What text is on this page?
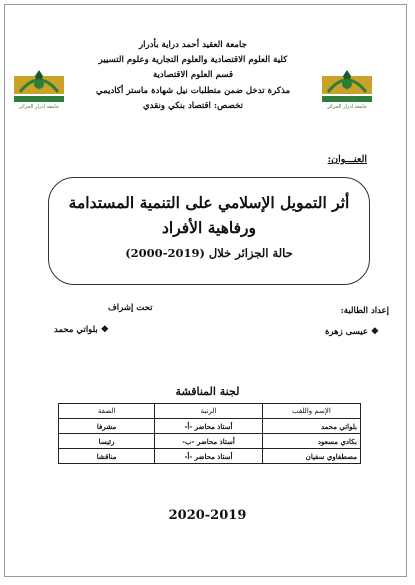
جامعة أدرار الجزائر	جامعة أدرار الجزائر
جامعة العقيد أحمد دراية بأدرار
كلية العلوم الاقتصادية والعلوم التجارية وعلوم التسيير
قسم العلوم الاقتصادية
مذكرة تدخل ضمن متطلبات نيل شهادة ماستر أكاديمي
تخصص: اقتصاد بنكي ونقدي
العنـــوان:
أثر التمويل الإسلامي على التنمية المستدامة ورفاهية الأفراد
حالة الجزائر خلال (2019-2000)
إعداد الطالبة:
❖ عيسى زهرة
تحت إشراف
❖ بلواتي محمد
لجنة المناقشة
الإسم واللقب	الرتبة	الصفة
بلواتي محمد	أستاذ محاضر -أ-	مشرفا
بكادي مسعود	أستاذ محاضر -ب-	رئيسا
مصطفاوي سفيان	أستاذ محاضر -أ-	مناقشا
2020-2019
